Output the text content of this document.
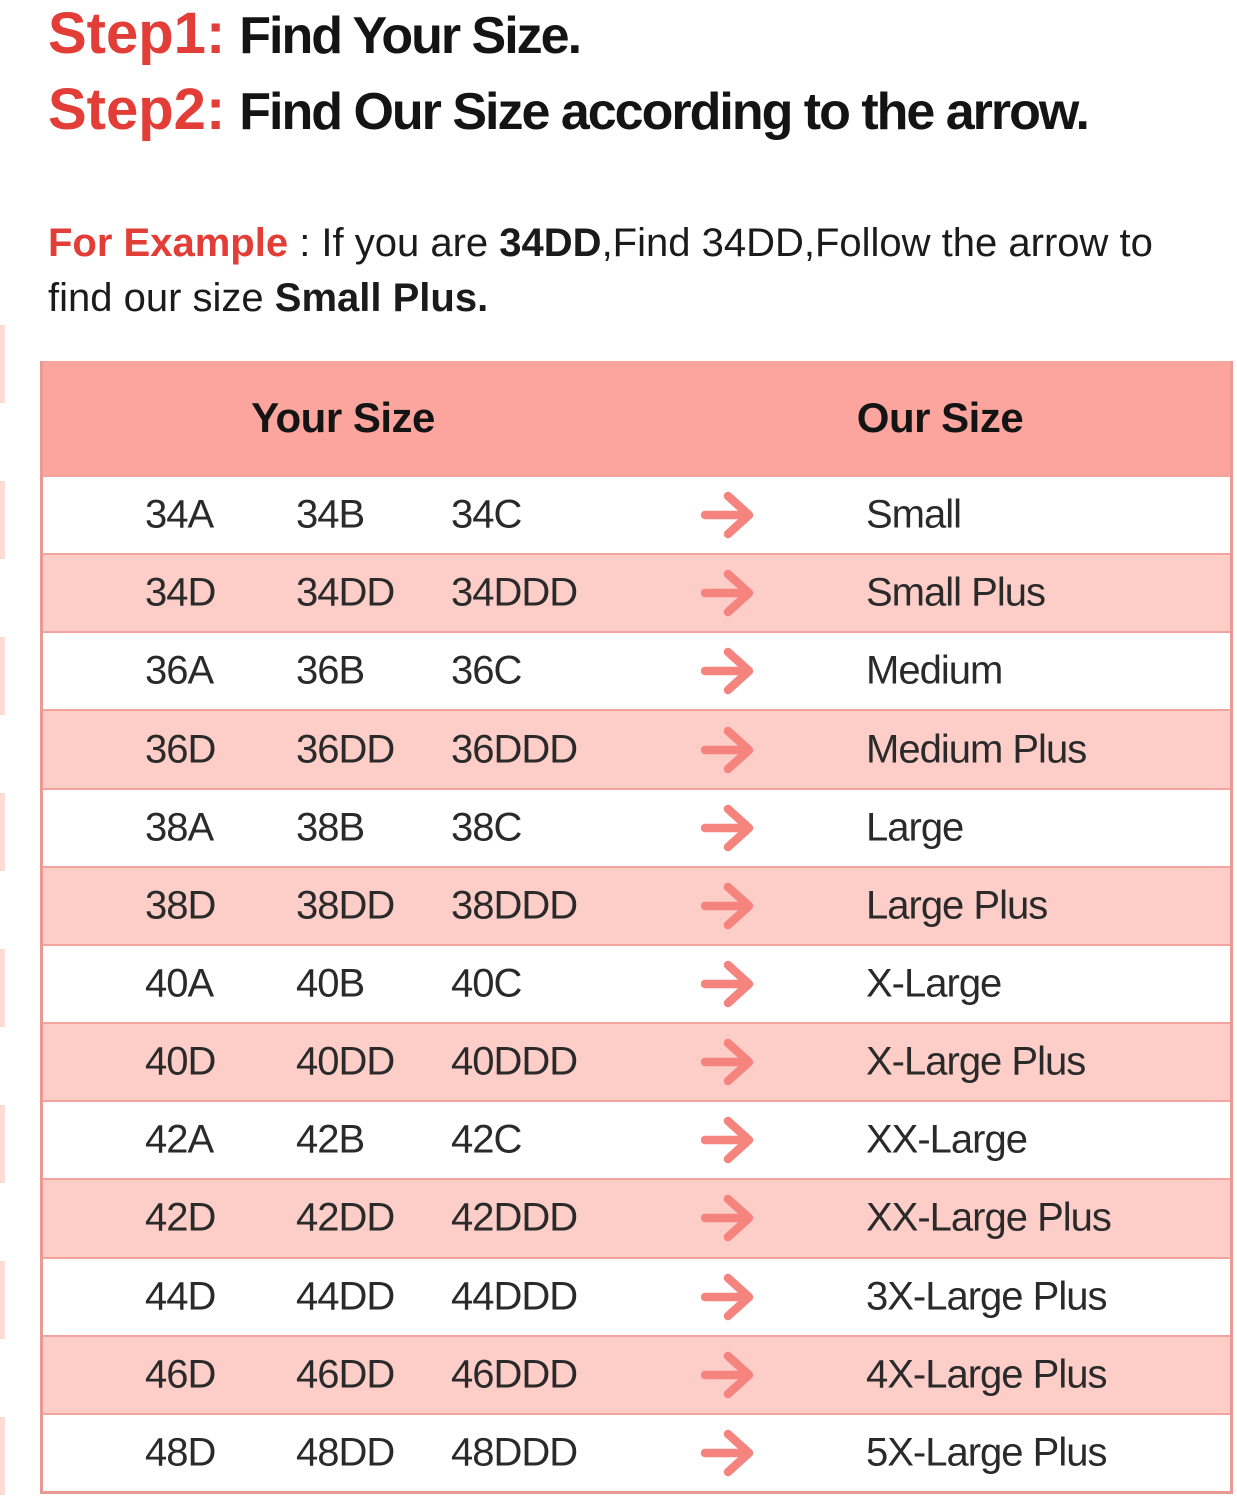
Step1: Find Your Size.
Step2: Find Our Size according to the arrow.

For Example : If you are 34DD,Find 34DD,Follow the arrow to
find our size Small Plus.

Your Size	Our Size
34A 34B 34C	Small
34D 34DD 34DDD	Small Plus
36A 36B 36C	Medium
36D 36DD 36DDD	Medium Plus
38A 38B 38C	Large
38D 38DD 38DDD	Large Plus
40A 40B 40C	X-Large
40D 40DD 40DDD	X-Large Plus
42A 42B 42C	XX-Large
42D 42DD 42DDD	XX-Large Plus
44D 44DD 44DDD	3X-Large Plus
46D 46DD 46DDD	4X-Large Plus
48D 48DD 48DDD	5X-Large Plus
